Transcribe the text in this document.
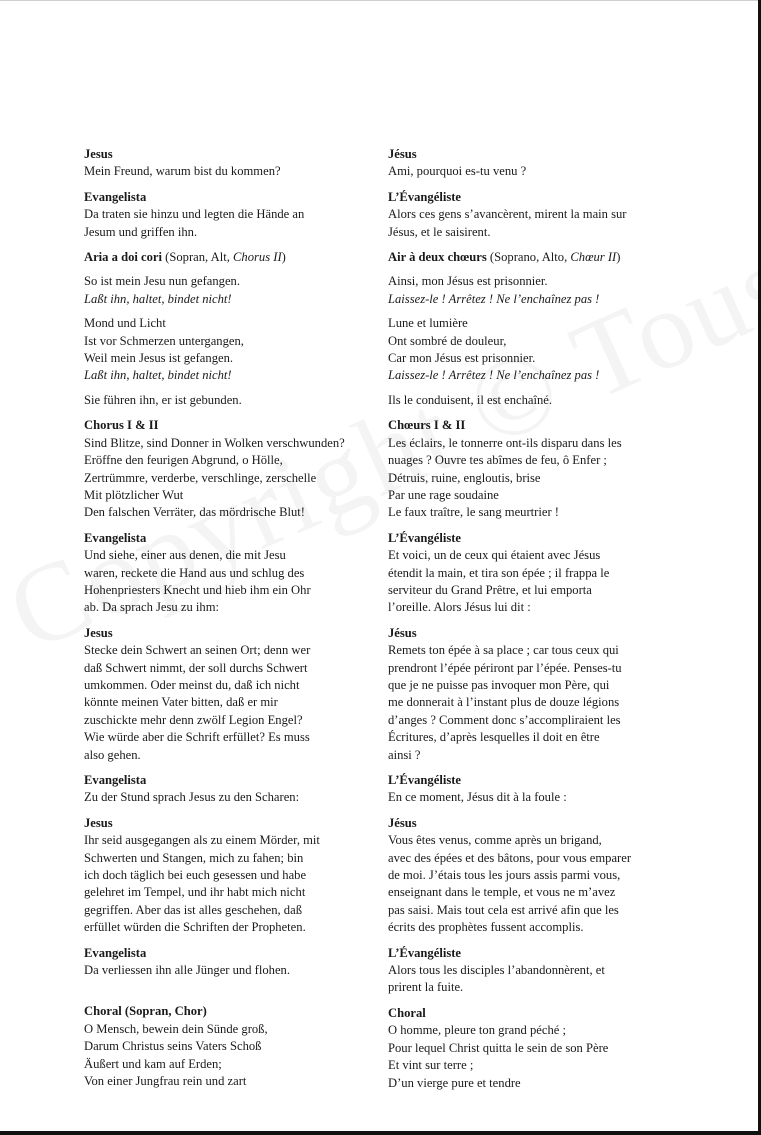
Jesus
Mein Freund, warum bist du kommen?
Evangelista
Da traten sie hinzu und legten die Hände an
Jesum und griffen ihn.
Aria a doi cori (Sopran, Alt, Chorus II)
So ist mein Jesu nun gefangen.
Laßt ihn, haltet, bindet nicht!
Mond und Licht
Ist vor Schmerzen untergangen,
Weil mein Jesus ist gefangen.
Laßt ihn, haltet, bindet nicht!
Sie führen ihn, er ist gebunden.
Chorus I & II
Sind Blitze, sind Donner in Wolken verschwunden?
Eröffne den feurigen Abgrund, o Hölle,
Zertrümmre, verderbe, verschlinge, zerschelle
Mit plötzlicher Wut
Den falschen Verräter, das mördrische Blut!
Evangelista
Und siehe, einer aus denen, die mit Jesu
waren, reckete die Hand aus und schlug des
Hohenpriesters Knecht und hieb ihm ein Ohr
ab. Da sprach Jesu zu ihm:
Jesus
Stecke dein Schwert an seinen Ort; denn wer
daß Schwert nimmt, der soll durchs Schwert
umkommen. Oder meinst du, daß ich nicht
könnte meinen Vater bitten, daß er mir
zuschickte mehr denn zwölf Legion Engel?
Wie würde aber die Schrift erfüllet? Es muss
also gehen.
Evangelista
Zu der Stund sprach Jesus zu den Scharen:
Jesus
Ihr seid ausgegangen als zu einem Mörder, mit
Schwerten und Stangen, mich zu fahen; bin
ich doch täglich bei euch gesessen und habe
gelehret im Tempel, und ihr habt mich nicht
gegriffen. Aber das ist alles geschehen, daß
erfüllet würden die Schriften der Propheten.
Evangelista
Da verliessen ihn alle Jünger und flohen.
Choral (Sopran, Chor)
O Mensch, bewein dein Sünde groß,
Darum Christus seins Vaters Schoß
Äußert und kam auf Erden;
Von einer Jungfrau rein und zart
Jésus
Ami, pourquoi es-tu venu ?
L’Évangéliste
Alors ces gens s’avancèrent, mirent la main sur
Jésus, et le saisirent.
Air à deux chœurs (Soprano, Alto, Chœur II)
Ainsi, mon Jésus est prisonnier.
Laissez-le ! Arrêtez ! Ne l’enchaînez pas !
Lune et lumière
Ont sombré de douleur,
Car mon Jésus est prisonnier.
Laissez-le ! Arrêtez ! Ne l’enchaînez pas !
Ils le conduisent, il est enchaîné.
Chœurs I & II
Les éclairs, le tonnerre ont-ils disparu dans les
nuages ? Ouvre tes abîmes de feu, ô Enfer ;
Détruis, ruine, engloutis, brise
Par une rage soudaine
Le faux traître, le sang meurtrier !
L’Évangéliste
Et voici, un de ceux qui étaient avec Jésus
étendit la main, et tira son épée ; il frappa le
serviteur du Grand Prêtre, et lui emporta
l’oreille. Alors Jésus lui dit :
Jésus
Remets ton épée à sa place ; car tous ceux qui
prendront l’épée périront par l’épée. Penses-tu
que je ne puisse pas invoquer mon Père, qui
me donnerait à l’instant plus de douze légions
d’anges ? Comment donc s’accompliraient les
Écritures, d’après lesquelles il doit en être
ainsi ?
L’Évangéliste
En ce moment, Jésus dit à la foule :
Jésus
Vous êtes venus, comme après un brigand,
avec des épées et des bâtons, pour vous emparer
de moi. J’étais tous les jours assis parmi vous,
enseignant dans le temple, et vous ne m’avez
pas saisi. Mais tout cela est arrivé afin que les
écrits des prophètes fussent accomplis.
L’Évangéliste
Alors tous les disciples l’abandonnèrent, et
prirent la fuite.
Choral
O homme, pleure ton grand péché ;
Pour lequel Christ quitta le sein de son Père
Et vint sur terre ;
D’un vierge pure et tendre
